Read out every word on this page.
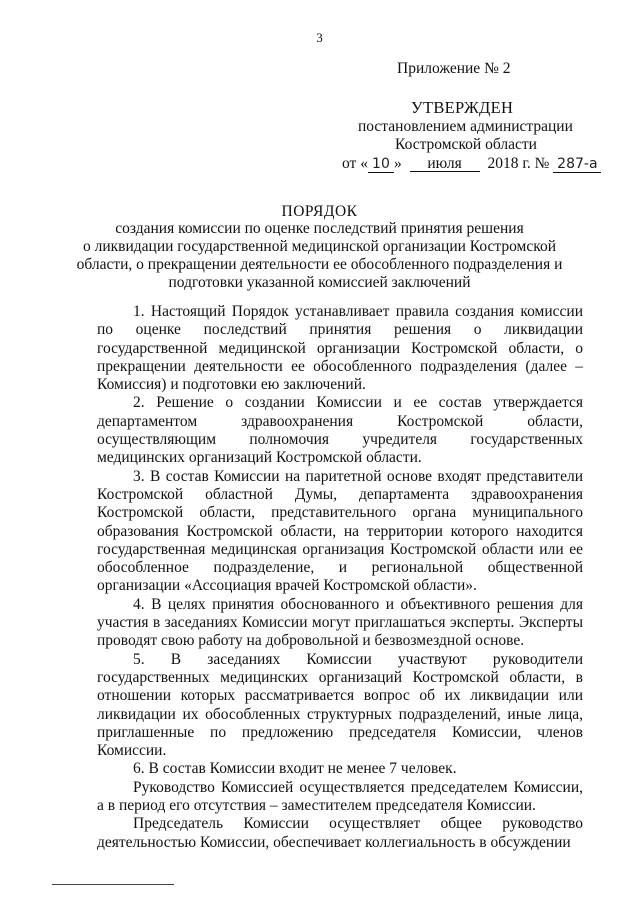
3
Приложение № 2
УТВЕРЖДЕН
постановлением администрации
Костромской области
от « 10 » июля 2018 г. № 287-а
ПОРЯДОК
создания комиссии по оценке последствий принятия решения
о ликвидации государственной медицинской организации Костромской
области, о прекращении деятельности ее обособленного подразделения и
подготовки указанной комиссией заключений

1. Настоящий Порядок устанавливает правила создания комиссии по оценке последствий принятия решения о ликвидации государственной медицинской организации Костромской области, о прекращении деятельности ее обособленного подразделения (далее – Комиссия) и подготовки ею заключений.

2. Решение о создании Комиссии и ее состав утверждается департаментом здравоохранения Костромской области, осуществляющим полномочия учредителя государственных медицинских организаций Костромской области.

3. В состав Комиссии на паритетной основе входят представители Костромской областной Думы, департамента здравоохранения Костромской области, представительного органа муниципального образования Костромской области, на территории которого находится государственная медицинская организация Костромской области или ее обособленное подразделение, и региональной общественной организации «Ассоциация врачей Костромской области».

4. В целях принятия обоснованного и объективного решения для участия в заседаниях Комиссии могут приглашаться эксперты. Эксперты проводят свою работу на добровольной и безвозмездной основе.

5. В заседаниях Комиссии участвуют руководители государственных медицинских организаций Костромской области, в отношении которых рассматривается вопрос об их ликвидации или ликвидации их обособленных структурных подразделений, иные лица, приглашенные по предложению председателя Комиссии, членов Комиссии.

6. В состав Комиссии входит не менее 7 человек.

Руководство Комиссией осуществляется председателем Комиссии, а в период его отсутствия – заместителем председателя Комиссии.

Председатель Комиссии осуществляет общее руководство деятельностью Комиссии, обеспечивает коллегиальность в обсуждении
